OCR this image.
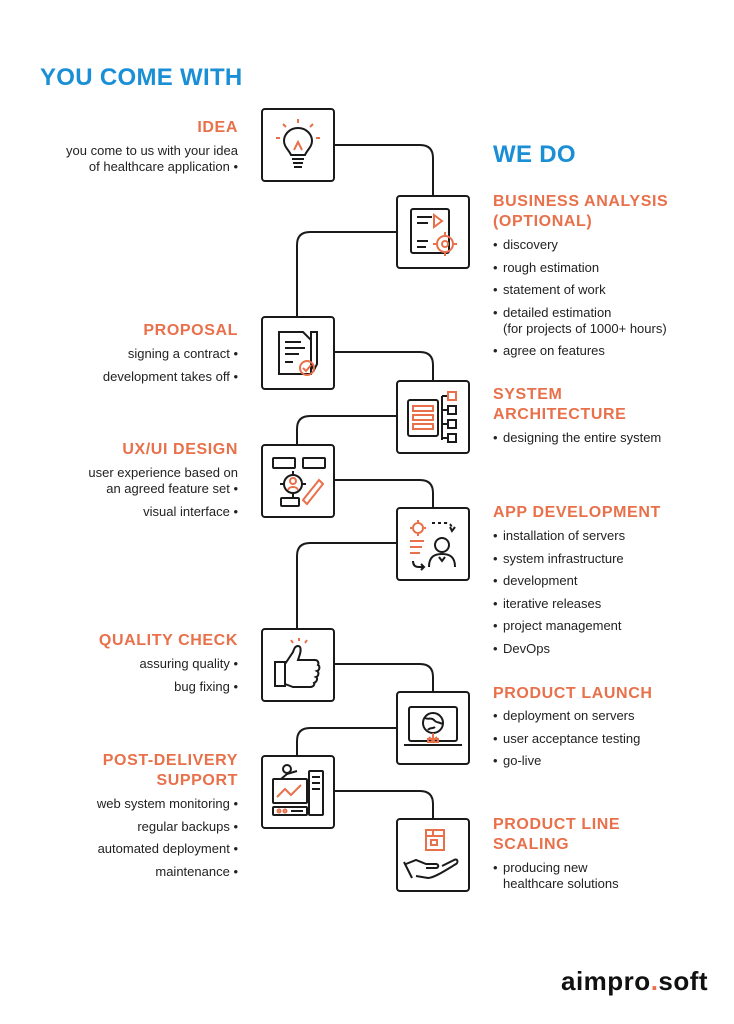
YOU COME WITH
WE DO
IDEA
you come to us with your idea
of healthcare application •
PROPOSAL
signing a contract •
development takes off •
UX/UI DESIGN
user experience based on
an agreed feature set •
visual interface •
QUALITY CHECK
assuring quality •
bug fixing •
POST-DELIVERY
SUPPORT
web system monitoring •
regular backups •
automated deployment •
maintenance •
BUSINESS ANALYSIS
(OPTIONAL)
• discovery
• rough estimation
• statement of work
• detailed estimation
(for projects of 1000+ hours)
• agree on features
SYSTEM
ARCHITECTURE
• designing the entire system
APP DEVELOPMENT
• installation of servers
• system infrastructure
• development
• iterative releases
• project management
• DevOps
PRODUCT LAUNCH
• deployment on servers
• user acceptance testing
• go-live
PRODUCT LINE
SCALING
• producing new
healthcare solutions
aimpro.soft
